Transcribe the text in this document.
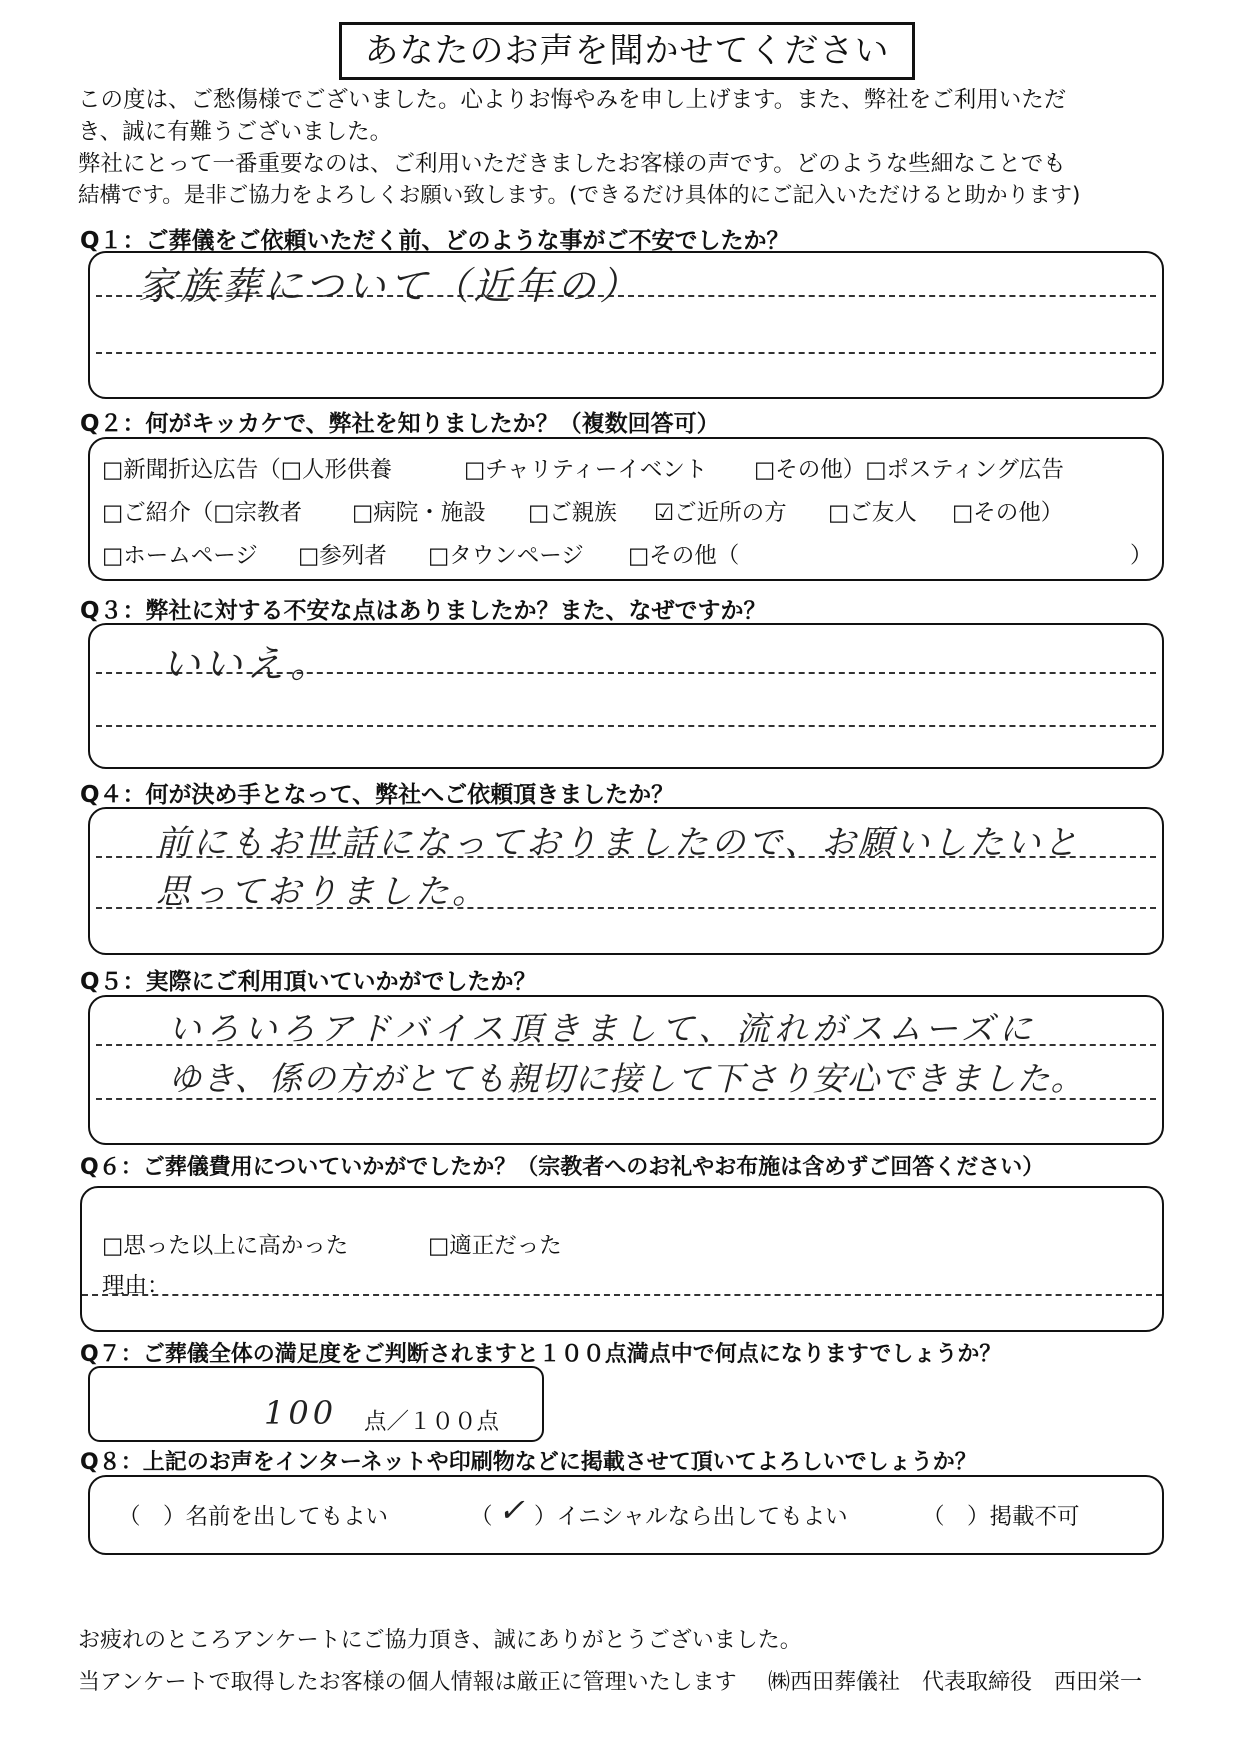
あなたのお声を聞かせてください
この度は、ご愁傷様でございました。心よりお悔やみを申し上げます。また、弊社をご利用いただ
き、誠に有難うございました。
弊社にとって一番重要なのは、ご利用いただきましたお客様の声です。どのような些細なことでも
結構です。是非ご協力をよろしくお願い致します。(できるだけ具体的にご記入いただけると助かります)
Q１：ご葬儀をご依頼いただく前、どのような事がご不安でしたか？
家族葬について（近年の）
Q２：何がキッカケで、弊社を知りましたか？（複数回答可）
□新聞折込広告（□人形供養	□チャリティーイベント □その他）□ポスティング広告
□ご紹介（□宗教者 □病院・施設 □ご親族 ☑ご近所の方 □ご友人 □その他）
□ホームページ □参列者 □タウンページ □その他（	）
Q３：弊社に対する不安な点はありましたか？また、なぜですか？
いいえ。
Q４：何が決め手となって、弊社へご依頼頂きましたか？
前にもお世話になっておりましたので、お願いしたいと
思っておりました。
Q５：実際にご利用頂いていかがでしたか？
いろいろアドバイス頂きまして、流れがスムーズに
ゆき、係の方がとても親切に接して下さり安心できました。
Q６：ご葬儀費用についていかがでしたか？（宗教者へのお礼やお布施は含めずご回答ください）
□思った以上に高かった	□適正だった
理由：
Q７：ご葬儀全体の満足度をご判断されますと１００点満点中で何点になりますでしょうか？
100 点／１００点
Q８：上記のお声をインターネットや印刷物などに掲載させて頂いてよろしいでしょうか？
（　）名前を出してもよい	（ ✓ ）イニシャルなら出してもよい	（　）掲載不可
お疲れのところアンケートにご協力頂き、誠にありがとうございました。
当アンケートで取得したお客様の個人情報は厳正に管理いたします ㈱西田葬儀社　代表取締役　西田栄一
